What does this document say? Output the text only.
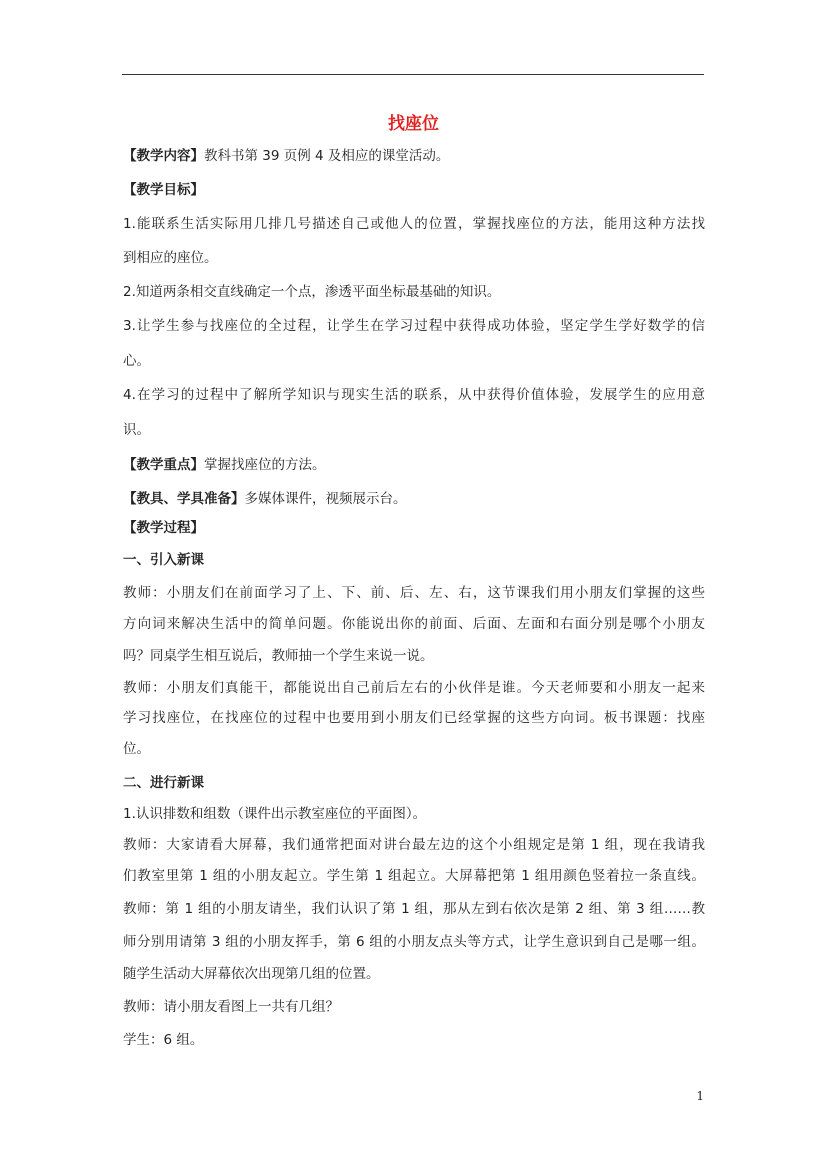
找座位
【教学内容】教科书第 39 页例 4 及相应的课堂活动。
【教学目标】
1.能联系生活实际用几排几号描述自己或他人的位置，掌握找座位的方法，能用这种方法找
到相应的座位。
2.知道两条相交直线确定一个点，渗透平面坐标最基础的知识。
3.让学生参与找座位的全过程，让学生在学习过程中获得成功体验，坚定学生学好数学的信
心。
4.在学习的过程中了解所学知识与现实生活的联系，从中获得价值体验，发展学生的应用意
识。
【教学重点】掌握找座位的方法。
【教具、学具准备】多媒体课件，视频展示台。
【教学过程】
一、引入新课
教师：小朋友们在前面学习了上、下、前、后、左、右，这节课我们用小朋友们掌握的这些
方向词来解决生活中的简单问题。你能说出你的前面、后面、左面和右面分别是哪个小朋友
吗？同桌学生相互说后，教师抽一个学生来说一说。
教师：小朋友们真能干，都能说出自己前后左右的小伙伴是谁。今天老师要和小朋友一起来
学习找座位，在找座位的过程中也要用到小朋友们已经掌握的这些方向词。板书课题：找座
位。
二、进行新课
1.认识排数和组数（课件出示教室座位的平面图）。
教师：大家请看大屏幕，我们通常把面对讲台最左边的这个小组规定是第 1 组，现在我请我
们教室里第 1 组的小朋友起立。学生第 1 组起立。大屏幕把第 1 组用颜色竖着拉一条直线。
教师：第 1 组的小朋友请坐，我们认识了第 1 组，那从左到右依次是第 2 组、第 3 组……教
师分别用请第 3 组的小朋友挥手，第 6 组的小朋友点头等方式，让学生意识到自己是哪一组。
随学生活动大屏幕依次出现第几组的位置。
教师：请小朋友看图上一共有几组？
学生：6 组。
1
